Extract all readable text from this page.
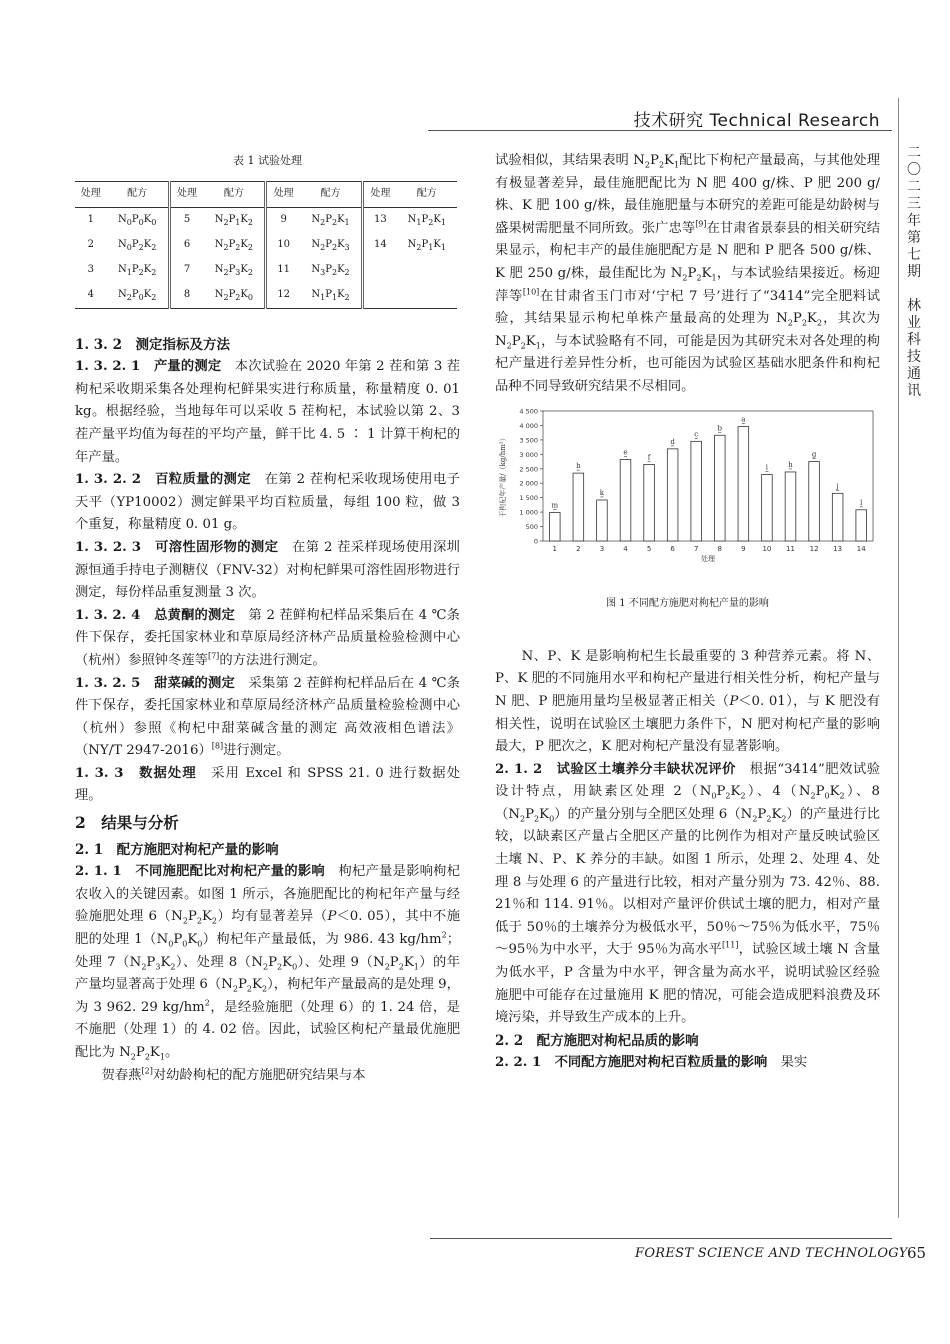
技术研究 Technical Research
二
〇
二
三
年
第
七
期

林
业
科
技
通
讯
表 1 试验处理
处理	配方	处理	配方	处理	配方	处理	配方
1	$N_0P_0K_0$	5	$N_2P_1K_2$	9	$N_2P_2K_1$	13	$N_1P_2K_1$
2	$N_0P_2K_2$	6	$N_2P_2K_2$	10	$N_2P_2K_3$	14	$N_2P_1K_1$
3	$N_1P_2K_2$	7	$N_2P_3K_2$	11	$N_3P_2K_2$		
4	$N_2P_0K_2$	8	$N_2P_2K_0$	12	$N_1P_1K_2$		

1. 3. 2　测定指标及方法

1. 3. 2. 1　产量的测定　本次试验在 2020 年第 2 茬和第 3 茬枸杞采收期采集各处理枸杞鲜果实进行称质量，称量精度 0. 01 kg。根据经验，当地每年可以采收 5 茬枸杞，本试验以第 2、3 茬产量平均值为每茬的平均产量，鲜干比 4. 5 ∶ 1 计算干枸杞的年产量。

1. 3. 2. 2　百粒质量的测定　在第 2 茬枸杞采收现场使用电子天平（YP10002）测定鲜果平均百粒质量，每组 100 粒，做 3 个重复，称量精度 0. 01 g。

1. 3. 2. 3　可溶性固形物的测定　在第 2 茬采样现场使用深圳源恒通手持电子测糖仪（FNV-32）对枸杞鲜果可溶性固形物进行测定，每份样品重复测量 3 次。

1. 3. 2. 4　总黄酮的测定　第 2 茬鲜枸杞样品采集后在 4 ℃条件下保存，委托国家林业和草原局经济林产品质量检验检测中心（杭州）参照钟冬莲等[7]的方法进行测定。

1. 3. 2. 5　甜菜碱的测定　采集第 2 茬鲜枸杞样品后在 4 ℃条件下保存，委托国家林业和草原局经济林产品质量检验检测中心（杭州）参照《枸杞中甜菜碱含量的测定 高效液相色谱法》（NY/T 2947-2016）[8]进行测定。

1. 3. 3　数据处理　采用 Excel 和 SPSS 21. 0 进行数据处理。

2　结果与分析

2. 1　配方施肥对枸杞产量的影响

2. 1. 1　不同施肥配比对枸杞产量的影响　枸杞产量是影响枸杞农收入的关键因素。如图 1 所示，各施肥配比的枸杞年产量与经验施肥处理 $6(N_2P_2K_2)$均有显著差异（P＜0. 05），其中不施肥的处理 $1(N_0P_0K_0)$枸杞年产量最低，为 986. 43 $kg/hm^2$；处理 $7(N_2P_3K_2)$、处理 $8(N_2P_2K_0)$、处理 $9(N_2P_2K_1)$的年产量均显著高于处理 $6(N_2P_2K_2)$，枸杞年产量最高的是处理 9，为 3 962. 29 $kg/hm^2$，是经验施肥（处理 6）的 1. 24 倍，是不施肥（处理 1）的 4. 02 倍。因此，试验区枸杞产量最优施肥配比为 $N_2P_2K_1$。

贺春燕[2]对幼龄枸杞的配方施肥研究结果与本

试验相似，其结果表明 $N_2P_2K_1$配比下枸杞产量最高，与其他处理有极显著差异，最佳施肥配比为 N 肥 400 g/株、P 肥 200 g/株、K 肥 100 g/株，最佳施肥量与本研究的差距可能是幼龄树与盛果树需肥量不同所致。张广忠等[9]在甘肃省景泰县的相关研究结果显示，枸杞丰产的最佳施肥配方是 N 肥和 P 肥各 500 g/株、K 肥 250 g/株，最佳配比为 $N_2P_2K_1$，与本试验结果接近。杨迎萍等[10]在甘肃省玉门市对‘宁杞 7 号’进行了“3414”完全肥料试验，其结果显示枸杞单株产量最高的处理为 $N_2P_2K_2$，其次为 $N_2P_2K_1$，与本试验略有不同，可能是因为其研究未对各处理的枸杞产量进行差异性分析，也可能因为试验区基础水肥条件和枸杞品种不同导致研究结果不尽相同。

0
500
1 000
1 500
2 000
2 500
3 000
3 500
4 000
4 500
m
1
h
2
k
3
e
4
f
5
d
6
c
7
b
8
a
9
i
10
h
11
g
12
j
13
l
14
处理
干枸杞年产量/（kg/hm²）
图 1 不同配方施肥对枸杞产量的影响

N、P、K 是影响枸杞生长最重要的 3 种营养元素。将 N、P、K 肥的不同施用水平和枸杞产量进行相关性分析，枸杞产量与 N 肥、P 肥施用量均呈极显著正相关（P＜0. 01），与 K 肥没有相关性，说明在试验区土壤肥力条件下，N 肥对枸杞产量的影响最大，P 肥次之，K 肥对枸杞产量没有显著影响。

2. 1. 2　试验区土壤养分丰缺状况评价　根据“3414”肥效试验设计特点，用缺素区处理 $2(N_0P_2K_2)$、$4(N_2P_0K_2)$、$8(N_2P_2K_0)$的产量分别与全肥区处理 $6(N_2P_2K_2)$的产量进行比较，以缺素区产量占全肥区产量的比例作为相对产量反映试验区土壤 N、P、K 养分的丰缺。如图 1 所示，处理 2、处理 4、处理 8 与处理 6 的产量进行比较，相对产量分别为 73. 42％、88. 21％和 114. 91％。以相对产量评价供试土壤的肥力，相对产量低于 50％的土壤养分为极低水平，50％～75％为低水平，75％～95％为中水平，大于 95％为高水平[11]，试验区域土壤 N 含量为低水平，P 含量为中水平，钾含量为高水平，说明试验区经验施肥中可能存在过量施用 K 肥的情况，可能会造成肥料浪费及环境污染，并导致生产成本的上升。

2. 2　配方施肥对枸杞品质的影响

2. 2. 1　不同配方施肥对枸杞百粒质量的影响　果实

FOREST SCIENCE AND TECHNOLOGY 65
